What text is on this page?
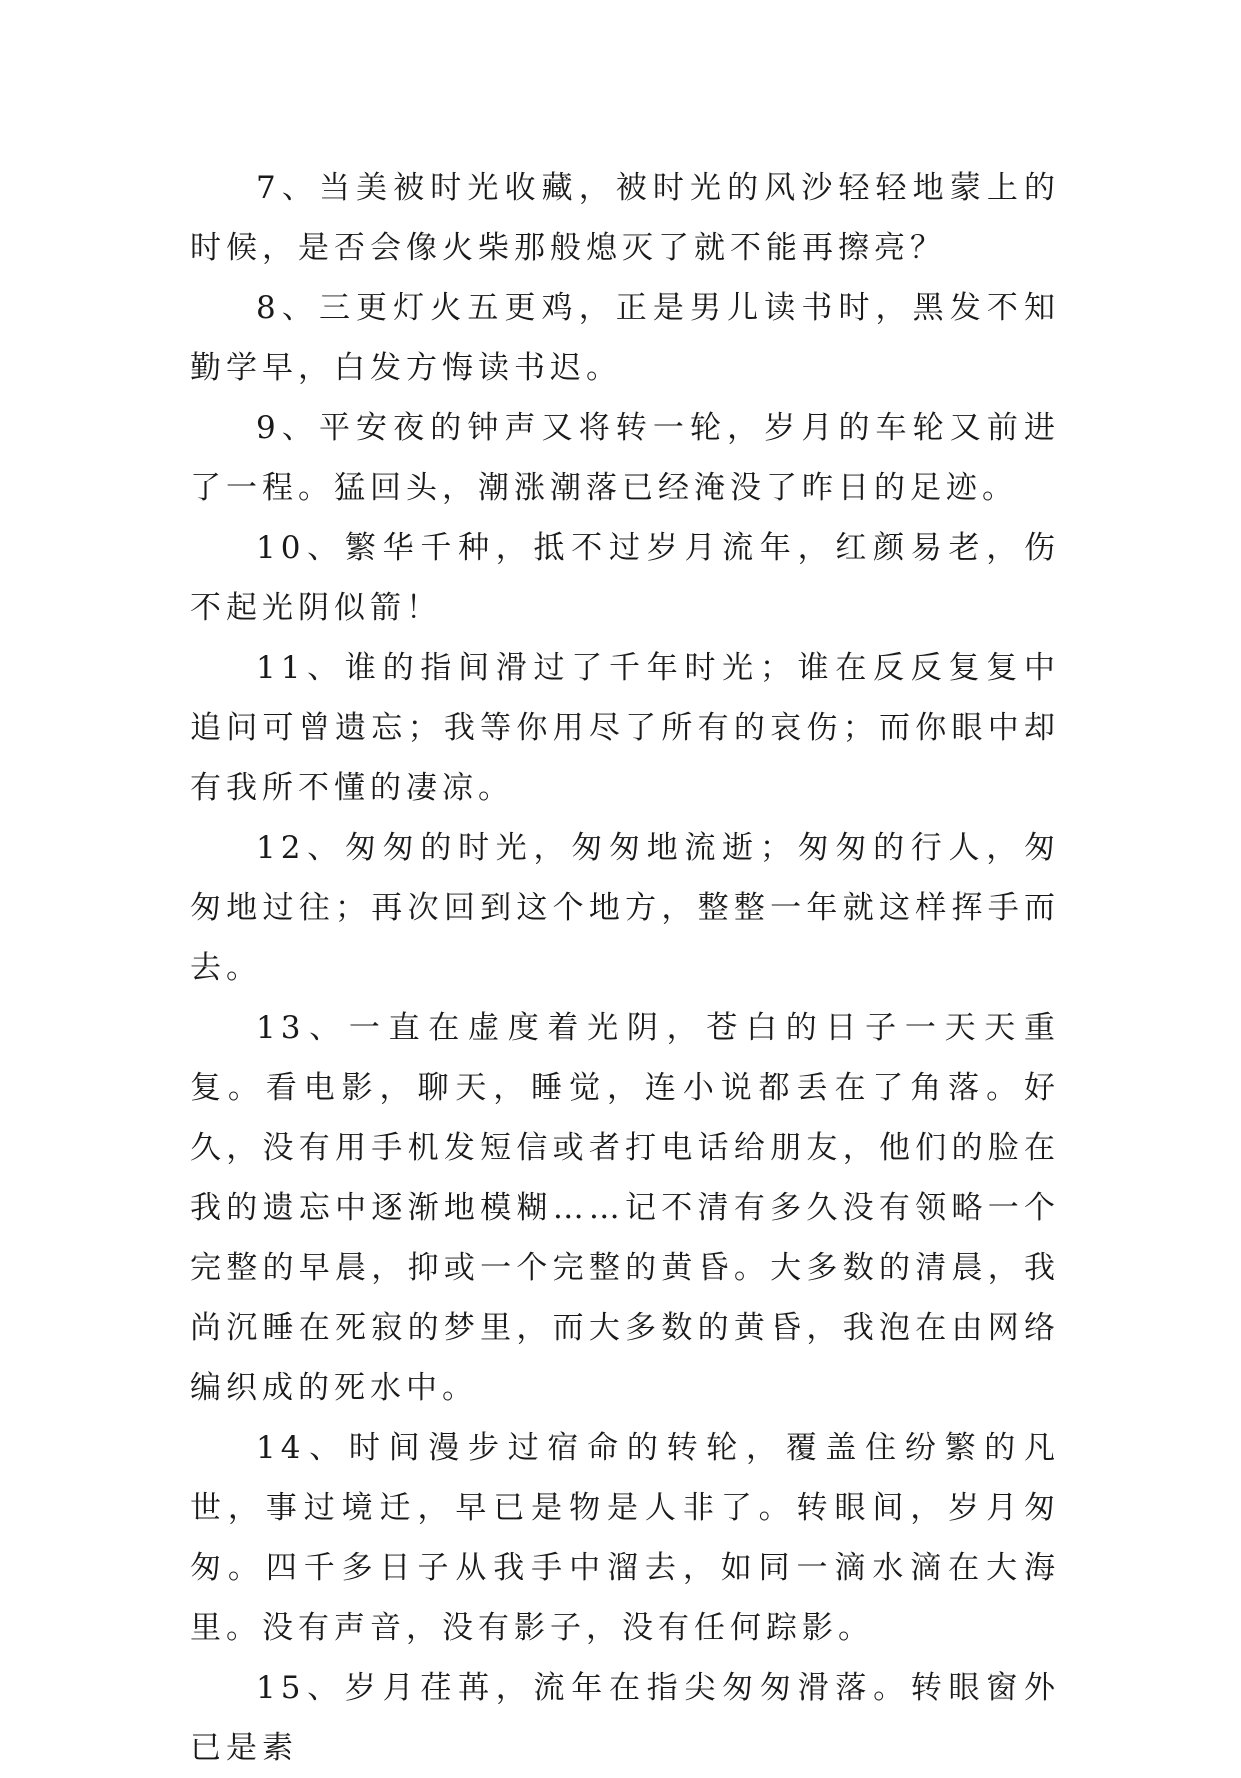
7、当美被时光收藏，被时光的风沙轻轻地蒙上的时候，是否会像火柴那般熄灭了就不能再擦亮？

8、三更灯火五更鸡，正是男儿读书时，黑发不知勤学早，白发方悔读书迟。

9、平安夜的钟声又将转一轮，岁月的车轮又前进了一程。猛回头，潮涨潮落已经淹没了昨日的足迹。

10、繁华千种，抵不过岁月流年，红颜易老，伤不起光阴似箭！

11、谁的指间滑过了千年时光；谁在反反复复中追问可曾遗忘；我等你用尽了所有的哀伤；而你眼中却有我所不懂的凄凉。

12、匆匆的时光，匆匆地流逝；匆匆的行人，匆匆地过往；再次回到这个地方，整整一年就这样挥手而去。

13、一直在虚度着光阴，苍白的日子一天天重复。看电影，聊天，睡觉，连小说都丢在了角落。好久，没有用手机发短信或者打电话给朋友，他们的脸在我的遗忘中逐渐地模糊……记不清有多久没有领略一个完整的早晨，抑或一个完整的黄昏。大多数的清晨，我尚沉睡在死寂的梦里，而大多数的黄昏，我泡在由网络编织成的死水中。

14、时间漫步过宿命的转轮，覆盖住纷繁的凡世，事过境迁，早已是物是人非了。转眼间，岁月匆匆。四千多日子从我手中溜去，如同一滴水滴在大海里。没有声音，没有影子，没有任何踪影。

15、岁月荏苒，流年在指尖匆匆滑落。转眼窗外已是素
